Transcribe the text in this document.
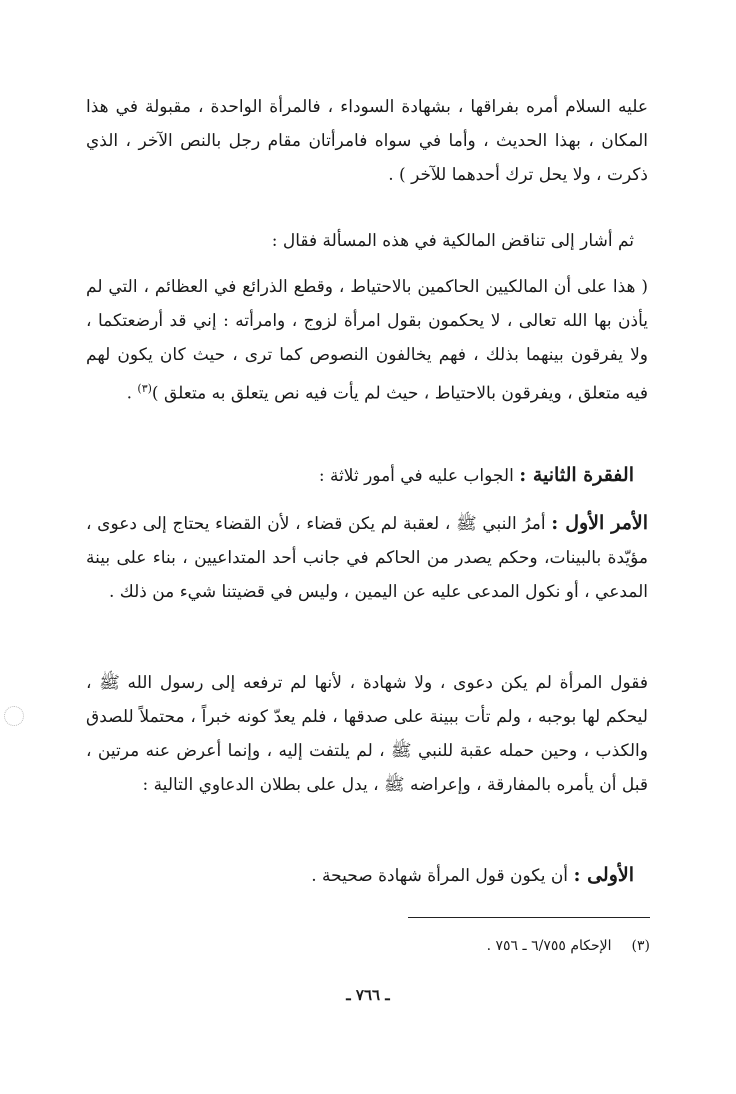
عليه السلام أمره بفراقها ، بشهادة السوداء ، فالمرأة الواحدة ، مقبولة في هذا المكان ، بهذا الحديث ، وأما في سواه فامرأتان مقام رجل بالنص الآخر ، الذي ذكرت ، ولا يحل ترك أحدهما للآخر ) .

ثم أشار إلى تناقض المالكية في هذه المسألة فقال :

( هذا على أن المالكيين الحاكمين بالاحتياط ، وقطع الذرائع في العظائم ، التي لم يأذن بها الله تعالى ، لا يحكمون بقول امرأة لزوج ، وامرأته : إني قد أرضعتكما ، ولا يفرقون بينهما بذلك ، فهم يخالفون النصوص كما ترى ، حيث كان يكون لهم فيه متعلق ، ويفرقون بالاحتياط ، حيث لم يأت فيه نص يتعلق به متعلق )$^{(٣)}$ .

الفقرة الثانية : الجواب عليه في أمور ثلاثة :

الأمر الأول : أمرُ النبي ﷺ ، لعقبة لم يكن قضاء ، لأن القضاء يحتاج إلى دعوى ، مؤيّدة بالبينات، وحكم يصدر من الحاكم في جانب أحد المتداعيين ، بناء على بينة المدعي ، أو نكول المدعى عليه عن اليمين ، وليس في قضيتنا شيء من ذلك .

فقول المرأة لم يكن دعوى ، ولا شهادة ، لأنها لم ترفعه إلى رسول الله ﷺ ، ليحكم لها بوجبه ، ولم تأت ببينة على صدقها ، فلم يعدّ كونه خبراً ، محتملاً للصدق والكذب ، وحين حمله عقبة للنبي ﷺ ، لم يلتفت إليه ، وإنما أعرض عنه مرتين ، قبل أن يأمره بالمفارقة ، وإعراضه ﷺ ، يدل على بطلان الدعاوي التالية :

الأولى : أن يكون قول المرأة شهادة صحيحة .

(٣)الإحكام ٦/٧٥٥ ـ ٧٥٦ .
ـ ٧٦٦ ـ
